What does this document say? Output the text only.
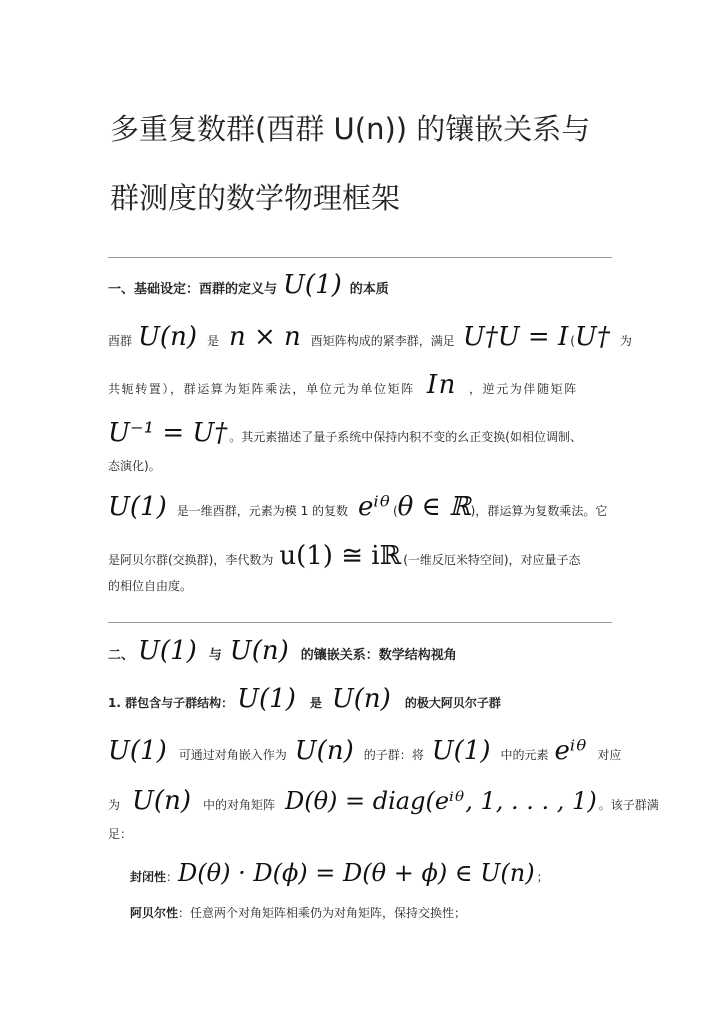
多重复数群(酉群 U(n)) 的镶嵌关系与
群测度的数学物理框架
一、基础设定：酉群的定义与 U(1) 的本质
酉群 U(n) 是 n × n 酉矩阵构成的紧李群，满足 U†U = I ( U† 为
共轭转置），群运算为矩阵乘法，单位元为单位矩阵 In ，逆元为伴随矩阵
U⁻¹ = U† 。其元素描述了量子系统中保持内积不变的幺正变换(如相位调制、
态演化)。
U(1) 是一维酉群，元素为模 1 的复数 eⁱᶿ ( θ ∈ ℝ )，群运算为复数乘法。它
是阿贝尔群(交换群)，李代数为 u(1) ≅ iℝ (一维反厄米特空间)，对应量子态
的相位自由度。
二、 U(1) 与 U(n) 的镶嵌关系：数学结构视角
1. 群包含与子群结构： U(1) 是 U(n) 的极大阿贝尔子群
U(1) 可通过对角嵌入作为 U(n) 的子群：将 U(1) 中的元素 eⁱᶿ 对应
为 U(n) 中的对角矩阵 D(θ) = diag(eⁱᶿ, 1, . . . , 1) 。该子群满
足：
封闭性 ： D(θ) · D(ϕ) = D(θ + ϕ) ∈ U(n) ；
阿贝尔性 ：任意两个对角矩阵相乘仍为对角矩阵，保持交换性；
